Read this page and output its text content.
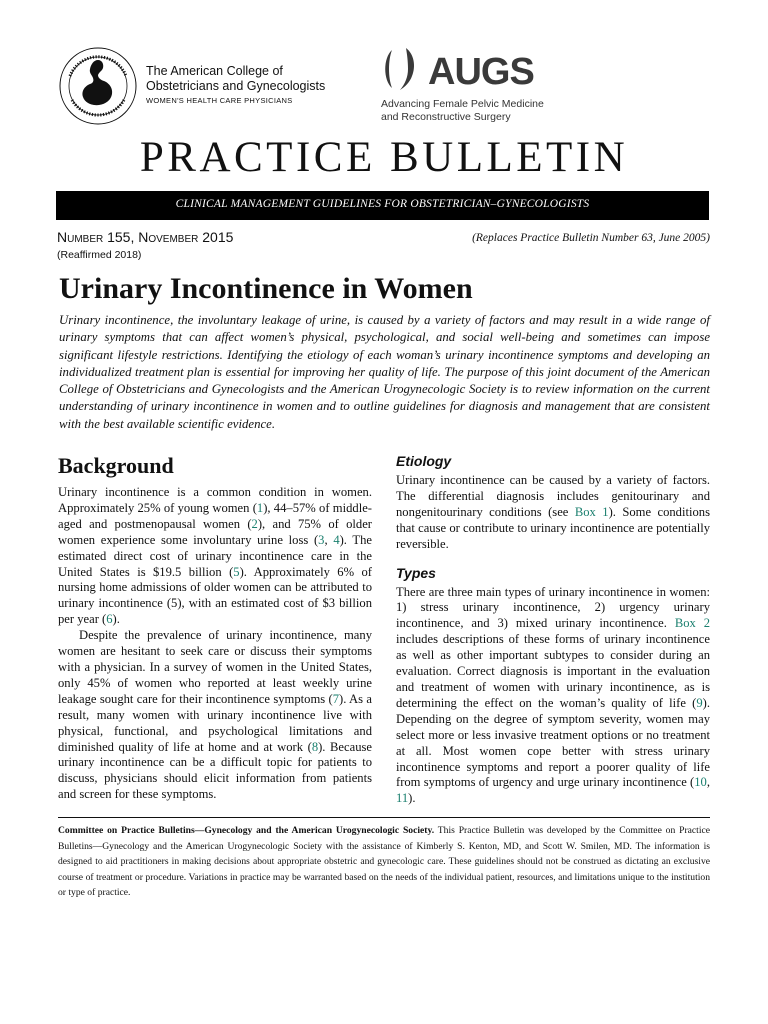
The American College of
Obstetricians and Gynecologists
WOMEN'S HEALTH CARE PHYSICIANS
AUGS
Advancing Female Pelvic Medicine
and Reconstructive Surgery
PRACTICE BULLETIN
CLINICAL MANAGEMENT GUIDELINES FOR OBSTETRICIAN–GYNECOLOGISTS
Number 155, November 2015	(Replaces Practice Bulletin Number 63, June 2005)
(Reaffirmed 2018)
Urinary Incontinence in Women
Urinary incontinence, the involuntary leakage of urine, is caused by a variety of factors and may result in a wide range of urinary symptoms that can affect women’s physical, psychological, and social well-being and sometimes can impose significant lifestyle restrictions. Identifying the etiology of each woman’s urinary incontinence symptoms and developing an individualized treatment plan is essential for improving her quality of life. The purpose of this joint document of the American College of Obstetricians and Gynecologists and the American Urogynecologic Society is to review information on the current understanding of urinary incontinence in women and to outline guidelines for diagnosis and management that are consistent with the best available scientific evidence.
Background

Urinary incontinence is a common condition in women. Approximately 25% of young women (1), 44–57% of middle-aged and postmenopausal women (2), and 75% of older women experience some involuntary urine loss (3, 4). The estimated direct cost of urinary incontinence care in the United States is $19.5 billion (5). Approximately 6% of nursing home admissions of older women can be attributed to urinary incontinence (5), with an estimated cost of $3 billion per year (6).

Despite the prevalence of urinary incontinence, many women are hesitant to seek care or discuss their symptoms with a physician. In a survey of women in the United States, only 45% of women who reported at least weekly urine leakage sought care for their incontinence symptoms (7). As a result, many women with urinary incontinence live with physical, functional, and psychological limitations and diminished quality of life at home and at work (8). Because urinary incontinence can be a difficult topic for patients to discuss, physicians should elicit information from patients and screen for these symptoms.

Etiology

Urinary incontinence can be caused by a variety of factors. The differential diagnosis includes genitourinary and nongenitourinary conditions (see Box 1). Some conditions that cause or contribute to urinary incontinence are potentially reversible.

Types

There are three main types of urinary incontinence in women: 1) stress urinary incontinence, 2) urgency urinary incontinence, and 3) mixed urinary incontinence. Box 2 includes descriptions of these forms of urinary incontinence as well as other important subtypes to consider during an evaluation. Correct diagnosis is important in the evaluation and treatment of women with urinary incontinence, as is determining the effect on the woman’s quality of life (9). Depending on the degree of symptom severity, women may select more or less invasive treatment options or no treatment at all. Most women cope better with stress urinary incontinence symptoms and report a poorer quality of life from symptoms of urgency and urge urinary incontinence (10, 11).

Committee on Practice Bulletins—Gynecology and the American Urogynecologic Society. This Practice Bulletin was developed by the Committee on Practice Bulletins—Gynecology and the American Urogynecologic Society with the assistance of Kimberly S. Kenton, MD, and Scott W. Smilen, MD. The information is designed to aid practitioners in making decisions about appropriate obstetric and gynecologic care. These guidelines should not be construed as dictating an exclusive course of treatment or procedure. Variations in practice may be warranted based on the needs of the individual patient, resources, and limitations unique to the institution or type of practice.
